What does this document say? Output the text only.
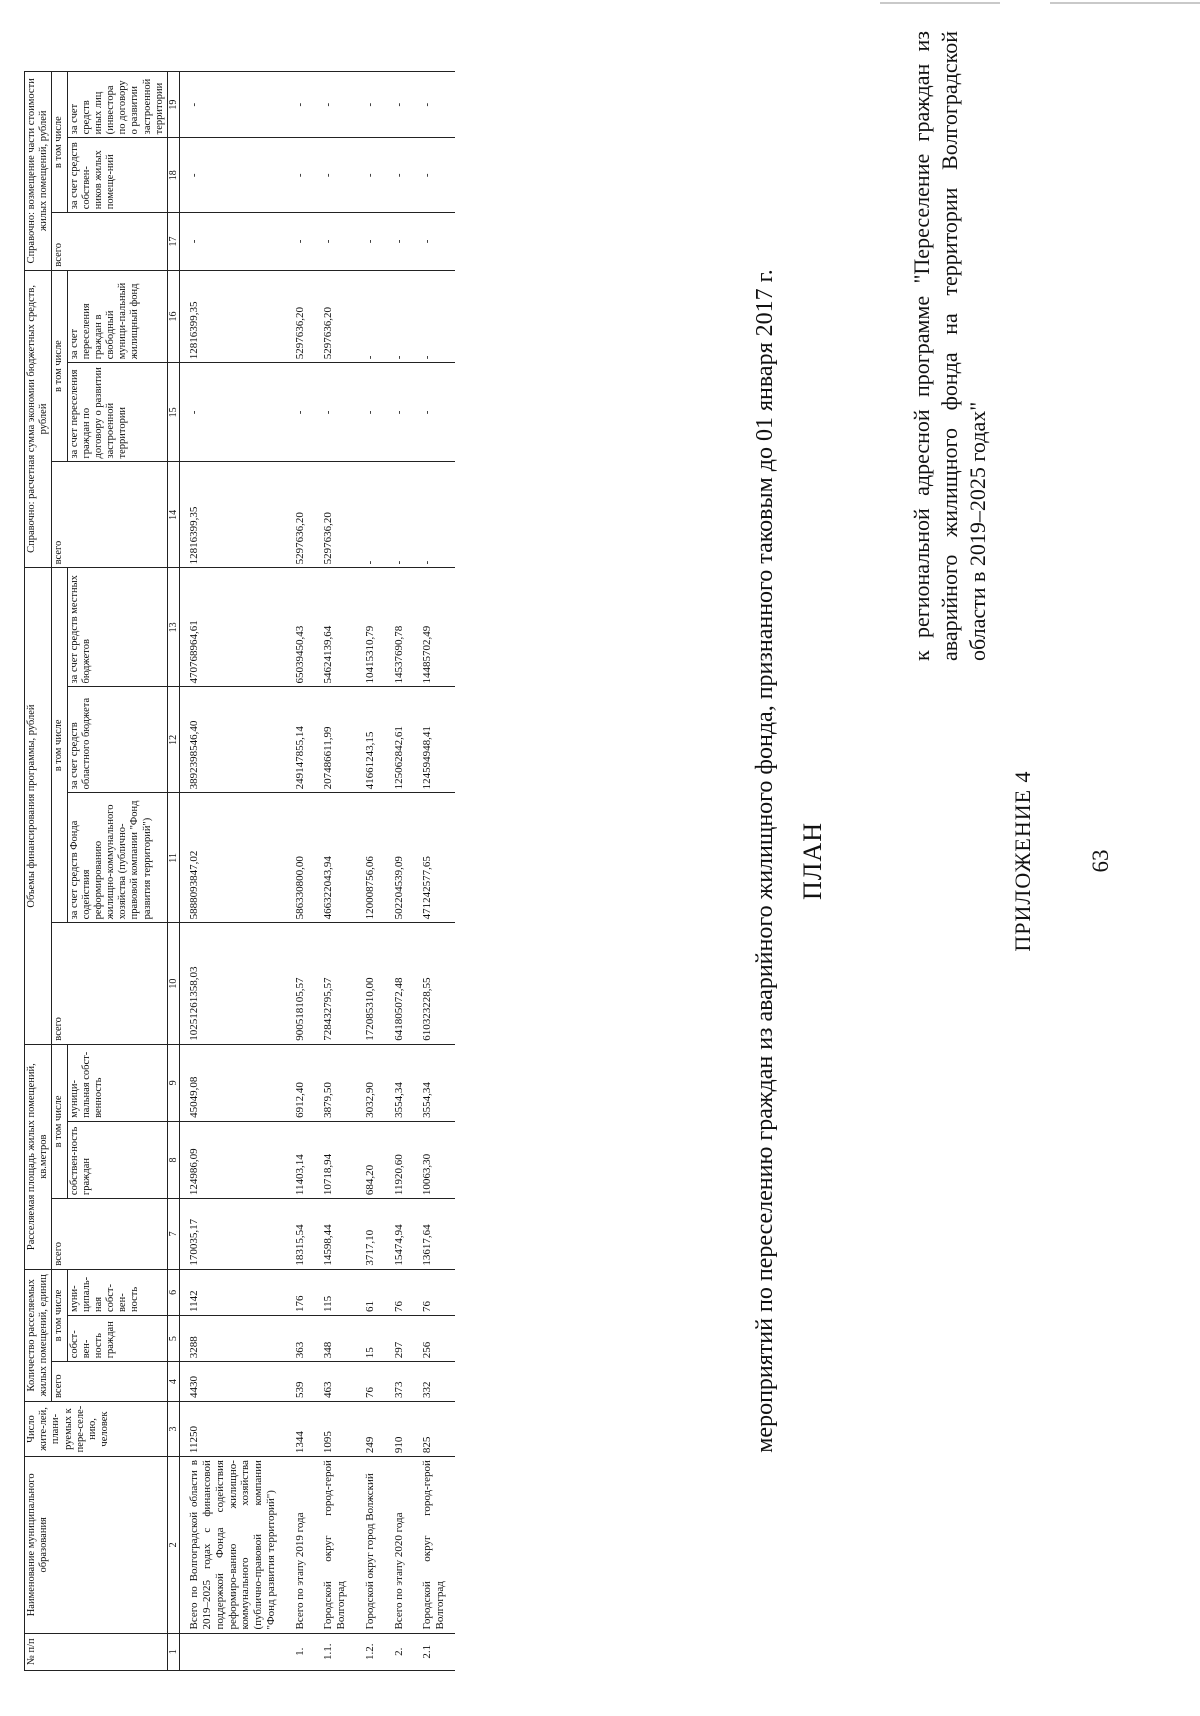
63
ПРИЛОЖЕНИЕ 4
к региональной адресной программе "Переселение граждан из аварийного жилищного фонда на территории Волгоградской области в 2019–2025 годах"
ПЛАН
мероприятий по переселению граждан из аварийного жилищного фонда, признанного таковым до 01 января 2017 г.
№ п/п	Наименование муниципального образования	Число жите-лей, плани-руемых к пере-селе-нию, человек	Количество расселяемых жилых помещений, единиц			Расселяемая площадь жилых помещений, кв.метров			Объемы финансирования программы, рублей				Справочно: расчетная сумма экономии бюджетных средств, рублей			Справочно: возмещение части стоимости жилых помещений, рублей		
			всего	в том числе		всего	в том числе		всего	в том числе			всего	в том числе		всего	в том числе	
				собст-вен-ность граждан	муни-ципаль-ная собст-вен-ность		собствен-ность граждан	муници-пальная собст-венность		за счет средств Фонда содействия реформированию жилищно-коммунального хозяйства (публично-правовой компании "Фонд развития территорий")	за счет средств областного бюджета	за счет средств местных бюджетов		за счет переселения граждан по договору о развитии застроенной территории	за счет переселения граждан в свободный муници-пальный жилищный фонд		за счет средств собствен-ников жилых помеще-ний	за счет средств иных лиц (инвестора по договору о развитии застроенной территории
1	2	3	4	5	6	7	8	9	10	11	12	13	14	15	16	17	18	19
	Всего по Волгоградской области в 2019–2025 годах с финансовой поддержкой Фонда содействия реформиро-ванию жилищно-коммунального хозяйства (публично-правовой компании "Фонд развития территорий")	11250	4430	3288	1142	170035,17	124986,09	45049,08	10251261358,03	5888093847,02	3892398546,40	470768964,61	12816399,35	-	12816399,35	-	-	-
1.	Всего по этапу 2019 года	1344	539	363	176	18315,54	11403,14	6912,40	900518105,57	586330800,00	249147855,14	65039450,43	5297636,20	-	5297636,20	-	-	-
1.1.	Городской округ город-герой Волгоград	1095	463	348	115	14598,44	10718,94	3879,50	728432795,57	466322043,94	207486611,99	54624139,64	5297636,20	-	5297636,20	-	-	-
1.2.	Городской округ город Волжский	249	76	15	61	3717,10	684,20	3032,90	172085310,00	120008756,06	41661243,15	10415310,79	-	-	-	-	-	-
2.	Всего по этапу 2020 года	910	373	297	76	15474,94	11920,60	3554,34	641805072,48	502204539,09	125062842,61	14537690,78	-	-	-	-	-	-
2.1	Городской округ город-герой Волгоград	825	332	256	76	13617,64	10063,30	3554,34	610323228,55	471242577,65	124594948,41	14485702,49	-	-	-	-	-	-
